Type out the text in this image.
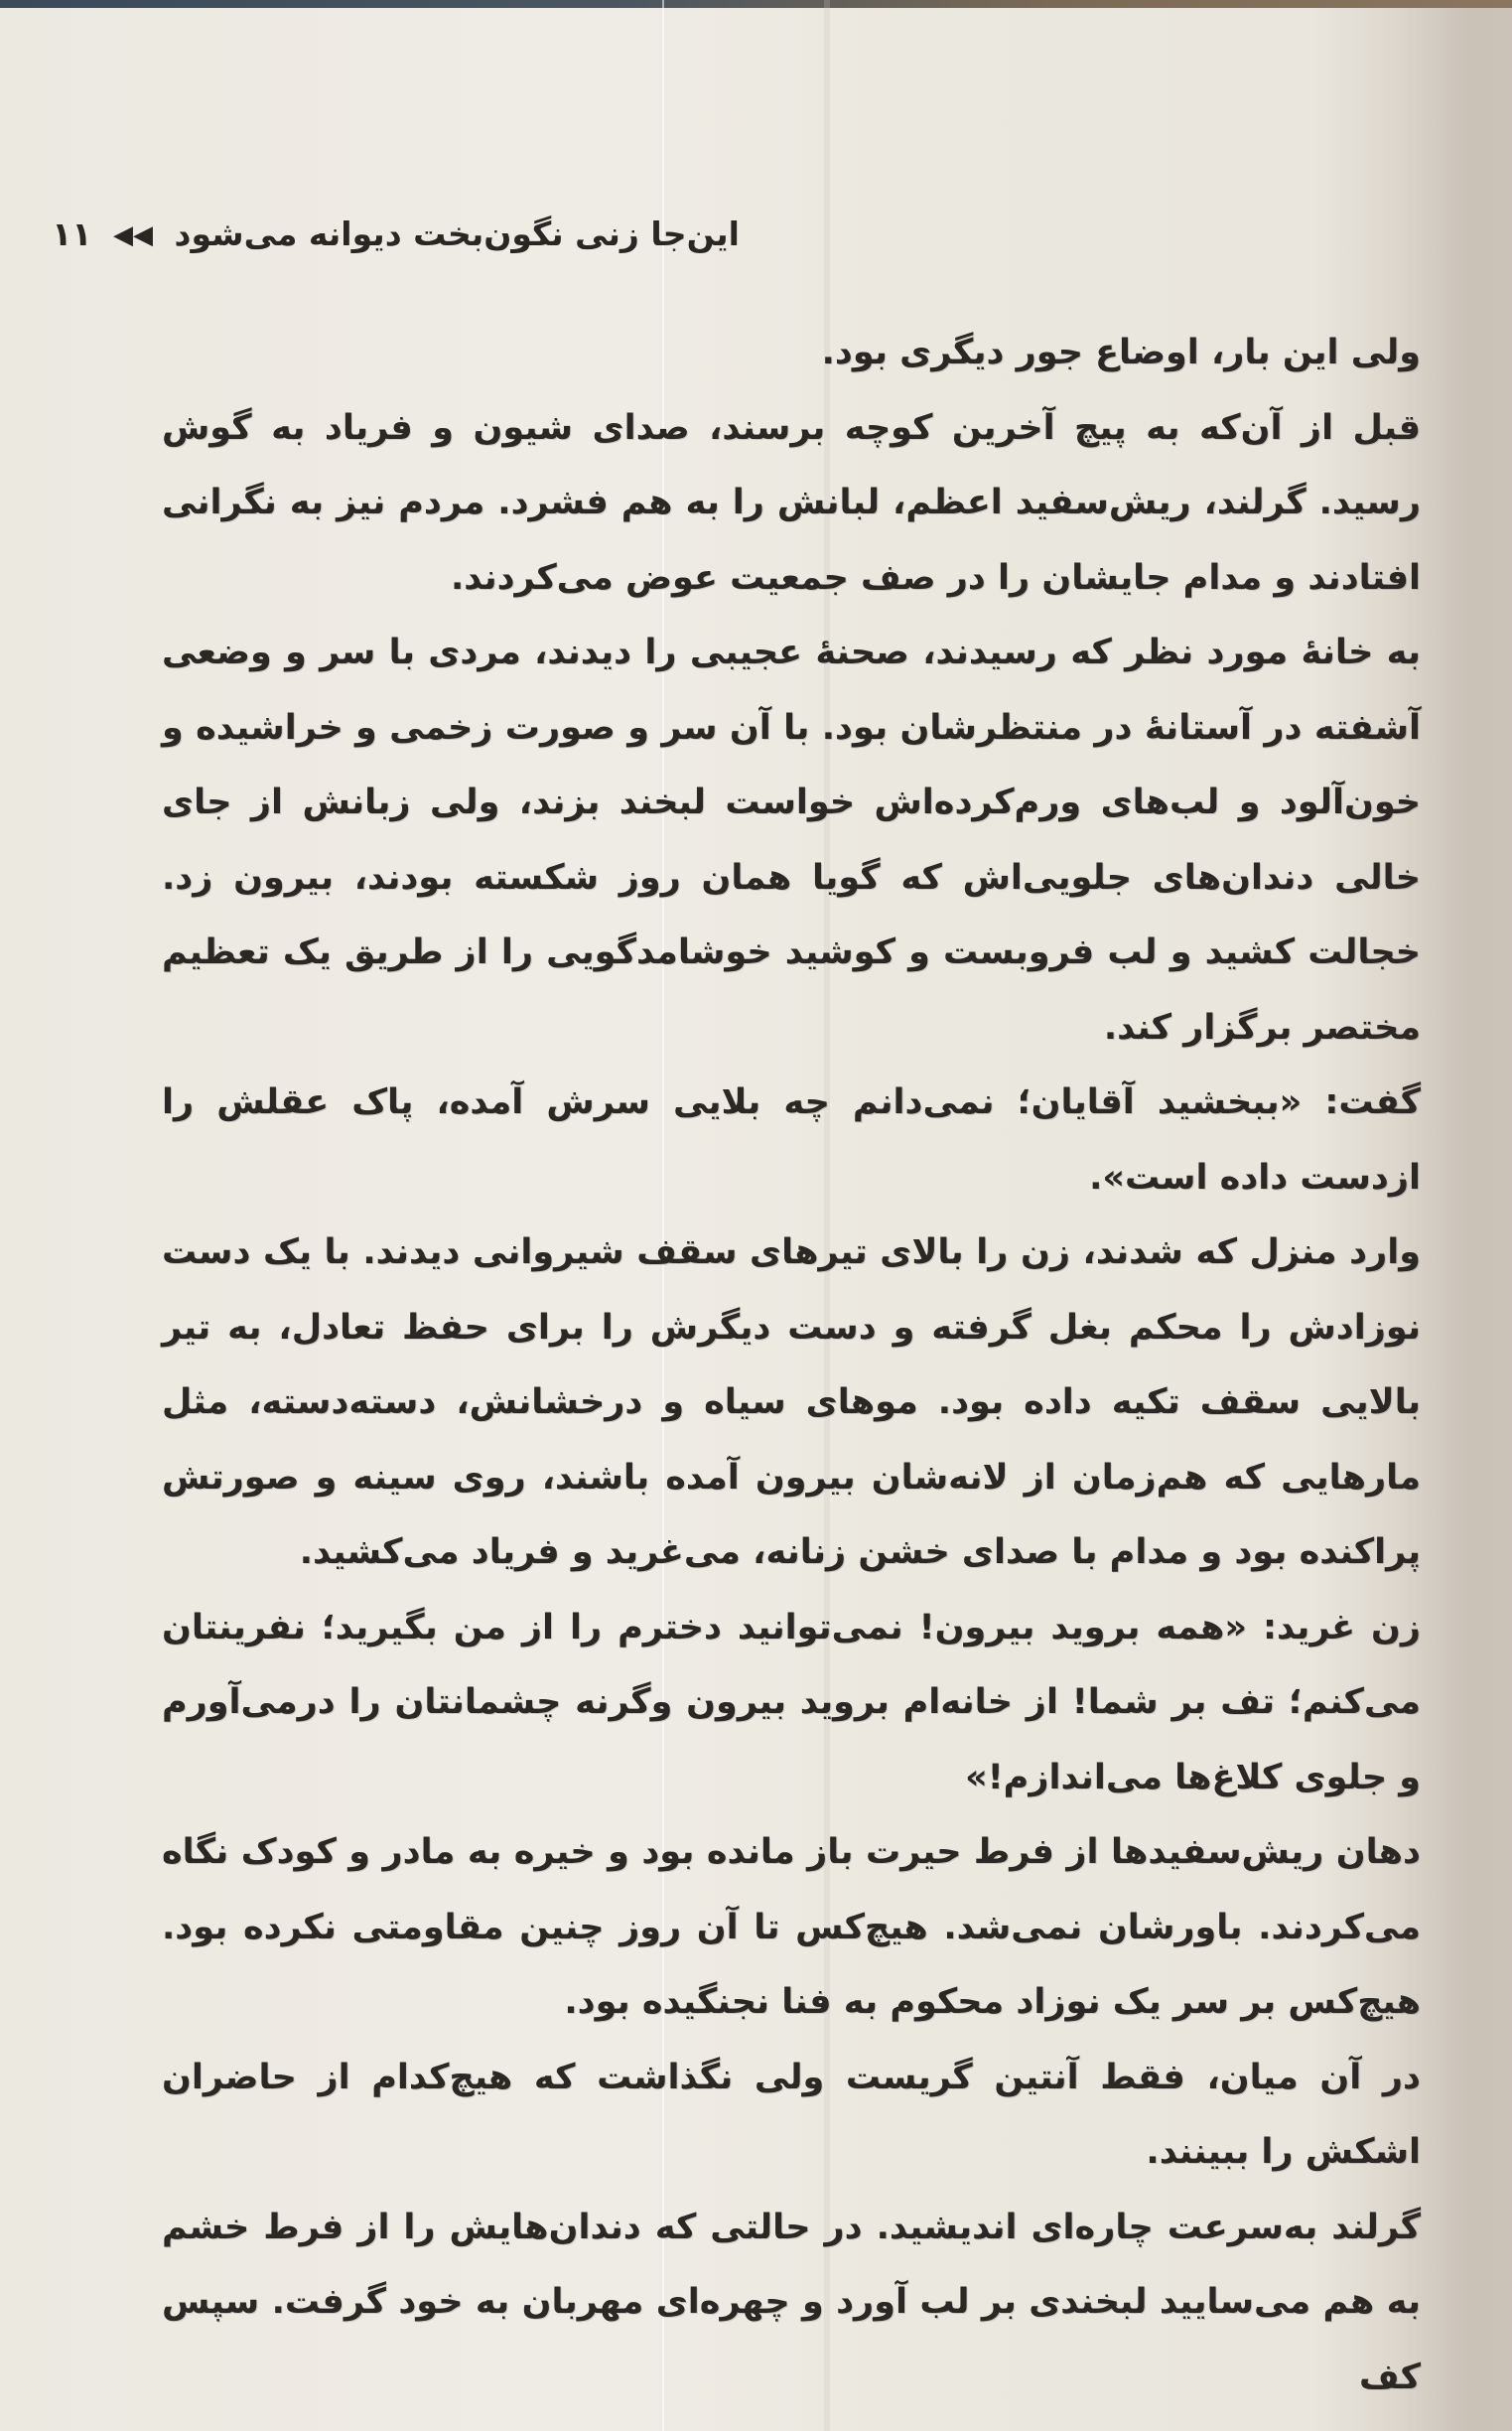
این‌جا زنی نگون‌بخت دیوانه می‌شود ◀◀ ۱۱

ولی این بار، اوضاع جور دیگری بود.

قبل از آن‌که به پیچ آخرین کوچه برسند، صدای شیون و فریاد به گوش رسید. گرلند، ریش‌سفید اعظم، لبانش را به هم فشرد. مردم نیز به نگرانی افتادند و مدام جایشان را در صف جمعیت عوض می‌کردند.

به خانهٔ مورد نظر که رسیدند، صحنهٔ عجیبی را دیدند، مردی با سر و وضعی آشفته در آستانهٔ در منتظرشان بود. با آن سر و صورت زخمی و خراشیده و خون‌آلود و لب‌های ورم‌کرده‌اش خواست لبخند بزند، ولی زبانش از جای خالی دندان‌های جلویی‌اش که گویا همان روز شکسته بودند، بیرون زد. خجالت کشید و لب فروبست و کوشید خوشامدگویی را از طریق یک تعظیم مختصر برگزار کند.

گفت: «ببخشید آقایان؛ نمی‌دانم چه بلایی سرش آمده، پاک عقلش را ازدست داده است».

وارد منزل که شدند، زن را بالای تیرهای سقف شیروانی دیدند. با یک دست نوزادش را محکم بغل گرفته و دست دیگرش را برای حفظ تعادل، به تیر بالایی سقف تکیه داده بود. موهای سیاه و درخشانش، دسته‌دسته، مثل مارهایی که هم‌زمان از لانه‌شان بیرون آمده باشند، روی سینه و صورتش پراکنده بود و مدام با صدای خشن زنانه، می‌غرید و فریاد می‌کشید.

زن غرید: «همه بروید بیرون! نمی‌توانید دخترم را از من بگیرید؛ نفرینتان می‌کنم؛ تف بر شما! از خانه‌ام بروید بیرون وگرنه چشمانتان را درمی‌آورم و جلوی کلاغ‌ها می‌اندازم!»

دهان ریش‌سفیدها از فرط حیرت باز مانده بود و خیره به مادر و کودک نگاه می‌کردند. باورشان نمی‌شد. هیچ‌کس تا آن روز چنین مقاومتی نکرده بود. هیچ‌کس بر سر یک نوزاد محکوم به فنا نجنگیده بود.

در آن میان، فقط آنتین گریست ولی نگذاشت که هیچ‌کدام از حاضران اشکش را ببینند.

گرلند به‌سرعت چاره‌ای اندیشید. در حالتی که دندان‌هایش را از فرط خشم به هم می‌سایید لبخندی بر لب آورد و چهره‌ای مهربان به خود گرفت. سپس کف
